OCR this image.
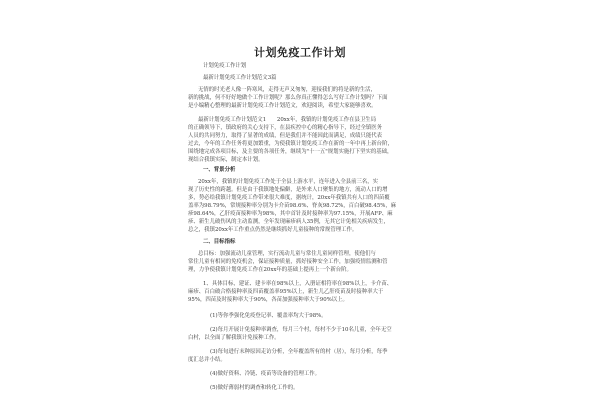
计划免疫工作计划
计划免疫工作计划
最新计划免疫工作计划范文3篇
无情的时光老人像一阵寒风，走得无声又匆匆，迎接我们的将是新的生活，
新的挑战，何不好好地做个工作计划呢？那么你真正懂得怎么写好工作计划吗？下面
是小编精心整理的最新计划免疫工作计划范文，欢迎阅读，希望大家能够喜欢。
最新计划免疫工作计划范文1　　20xx年，我镇的计划免疫工作在县卫生局
的正确领导下，镇政府的关心支持下，在县疾控中心的精心指导下，经过全镇医务
人员的共同努力，取得了显著的成绩，但是我们并不能因此而满足，成绩只能代表
过去，今年的工作任务将更加繁重，为使我镇计划免疫工作在新的一年中再上新台阶，
围绕地完成各项目标，及主要的各项任务，继续为"十一五"规划实施打下坚实的基础，
现结合我镇实际，制定本计划。
一、背景分析
20xx年，我镇的计划免疫工作处于全县上游水平，连年进入全县前三名，实
现了历史性的跨越。但是由于我镇地处偏僻，是外来人口聚集的地方，流动人口的增
多，势必给我镇计划免疫工作带来很大难度，据统计，20xx年我镇共有人口的四苗覆
盖率为98.79%，常规接种率分别为卡介苗98.6%、脊灰98.72%，百白破98.45%，麻
疹98.64%，乙肝疫苗接种率为98%，其中首针及时接种率为97.15%，开展AFP、麻
疹、新生儿破伤风的主动监测，全年发现麻疹病人35例，无其它计免相关疾病发生，
总之，我镇20xx年工作重点仍然是继续抓好儿童接种的常规管理工作。
二、目标指标
总目标：加强流动儿童管理，实行流动儿童与常住儿童同样管理，使他们与
常住儿童有相同的免疫机会，保证接种质量，抓好接种安全工作，加强疫情监测和管
理，力争使我镇计划免疫工作在20xx年的基础上提再上一个新台阶。
1、具体目标，建证、建卡率在98%以上，入册证相符率在98%以上，卡介苗、
麻疹、百白破合格接种率及四苗覆盖率95%以上，新生儿乙肝疫苗及时接种率大于
95%，四苗及时接种率大于90%，各苗加强接种率大于90%以上。
(1)等你季强化免疫登记率、覆盖率均大于98%。
(2)每月开展计免接种率调查，每月三个村，每村不少于10名儿童，全年无空
白村，以全面了解我镇计免接种工作。
(3)每旬进行末种原因走访分析，全年覆盖所有的村（居），每月分析，每季
度汇总并小结。
(4)做好资料、冷链、疫苗等设备的管理工作。
(5)做好薄弱村的调查和转化工作的。
